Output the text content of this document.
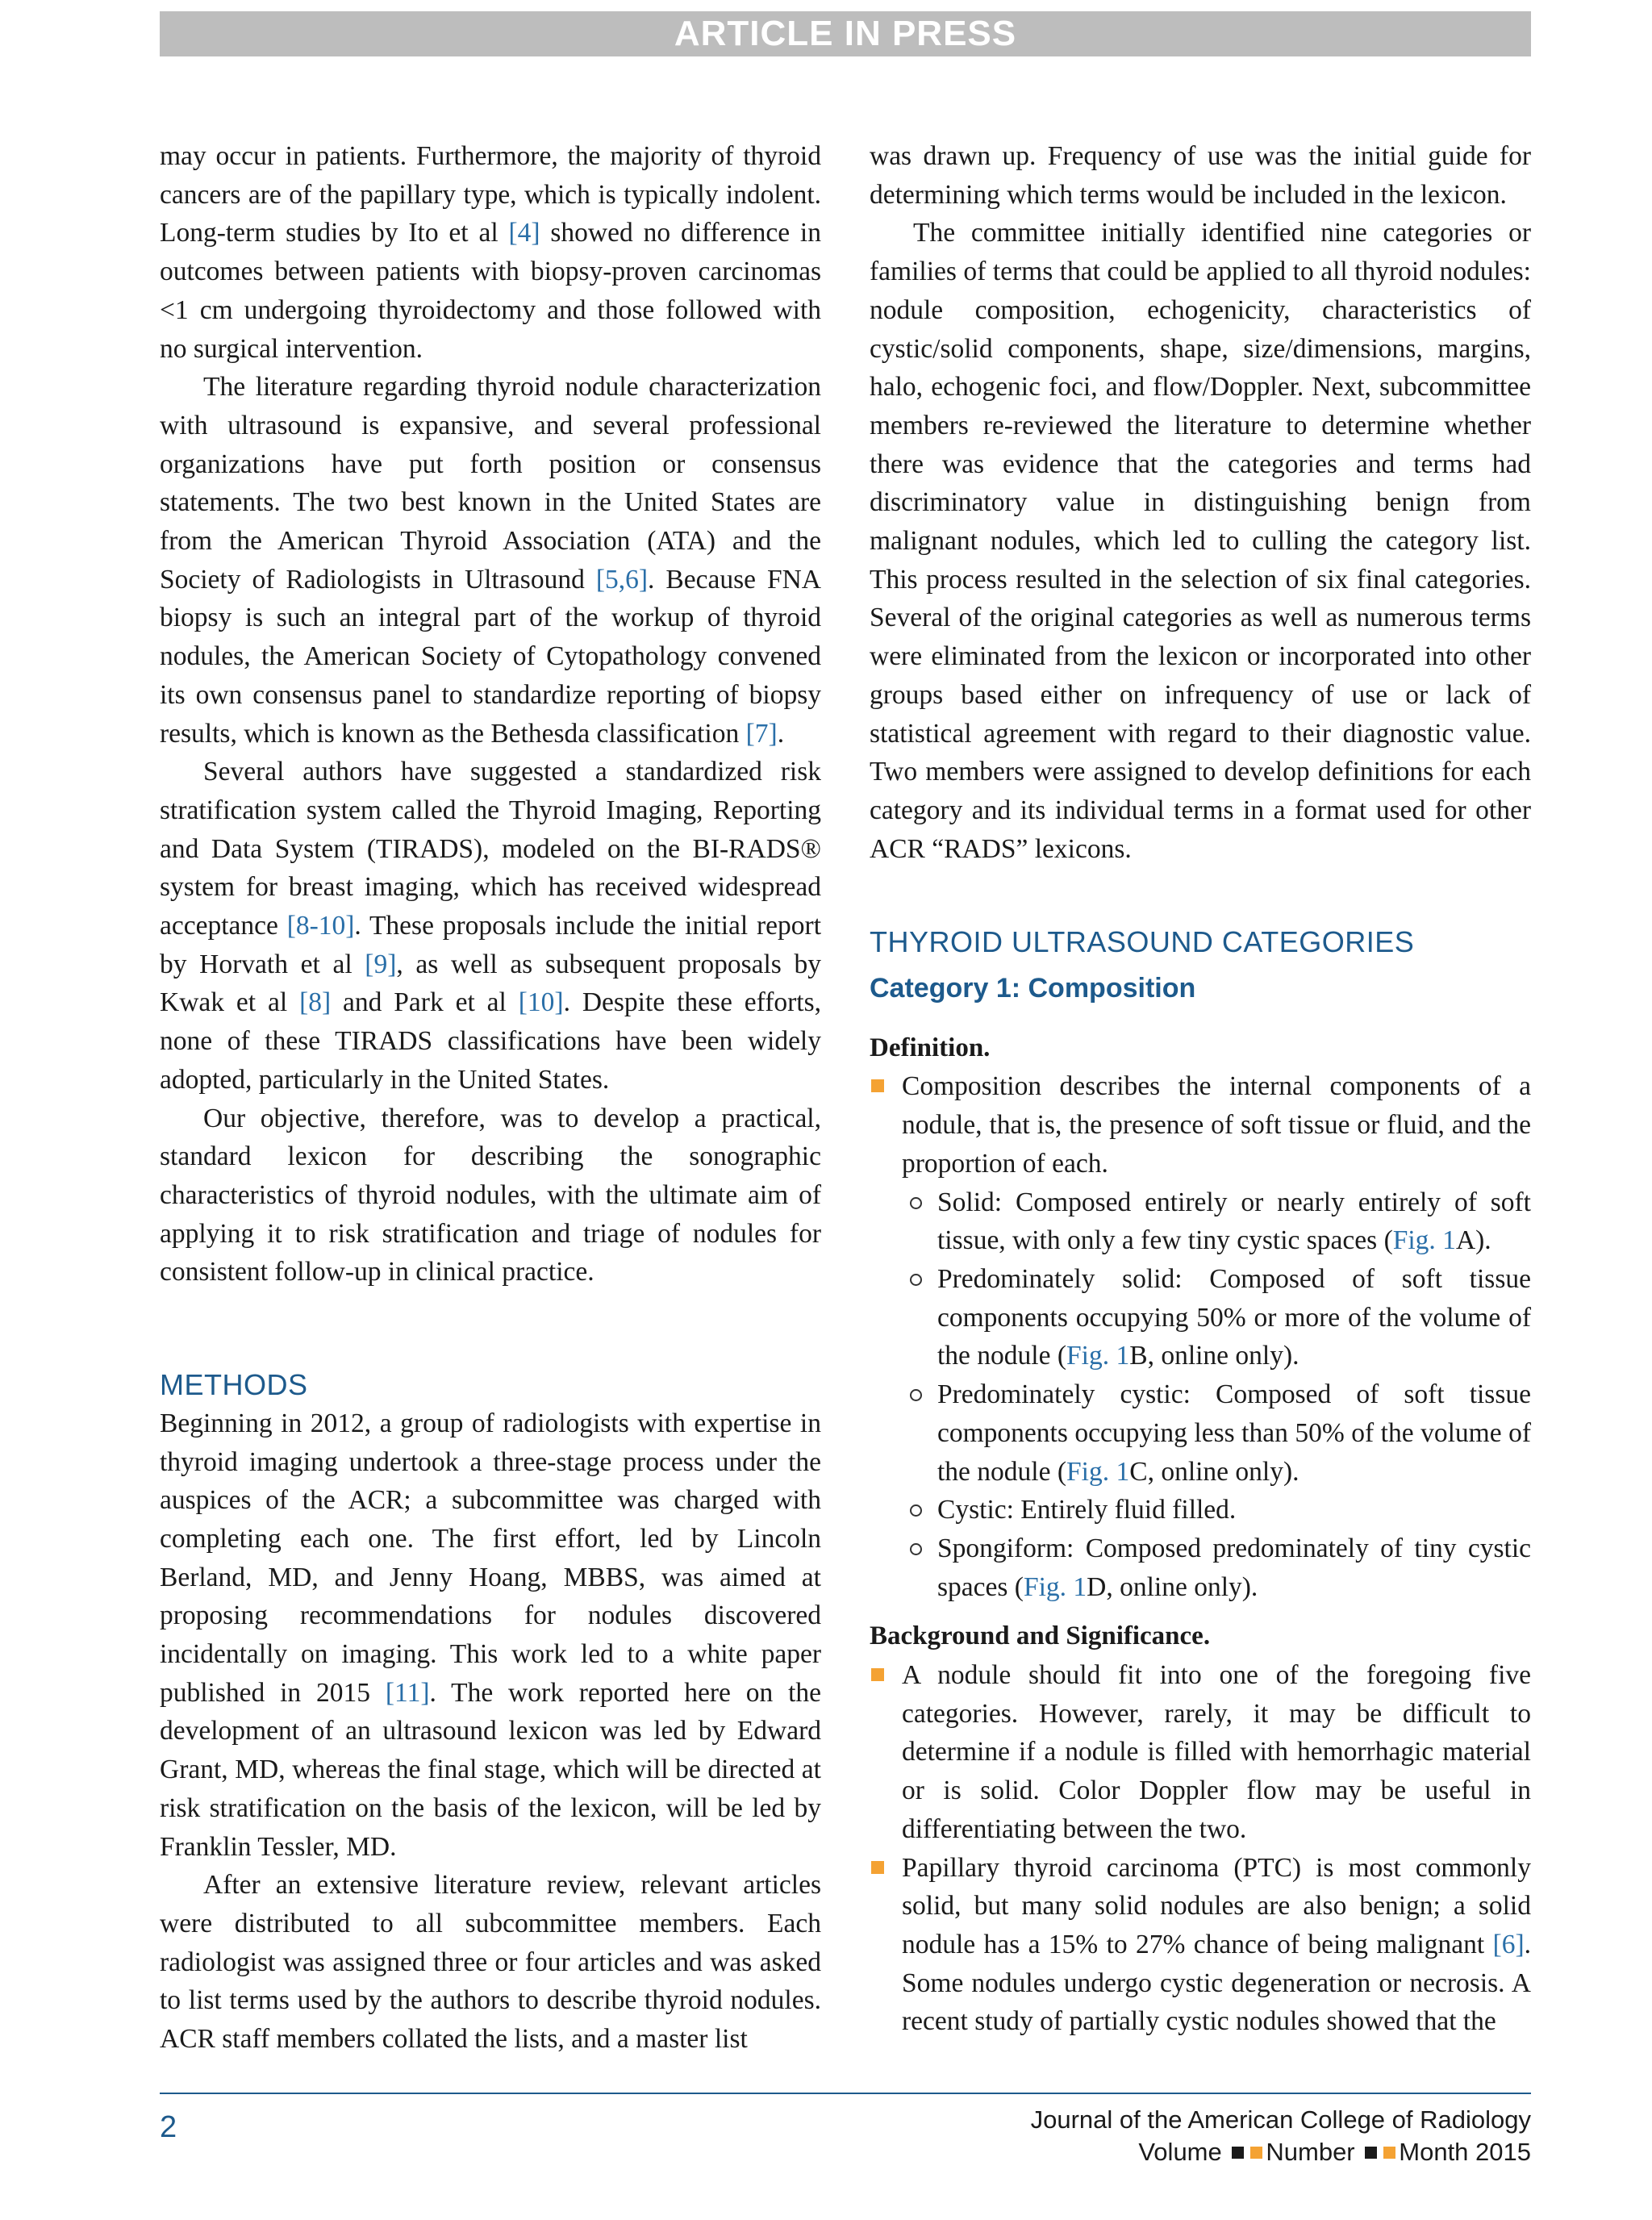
ARTICLE IN PRESS

may occur in patients. Furthermore, the majority of thyroid cancers are of the papillary type, which is typically indolent. Long-term studies by Ito et al [4] showed no difference in outcomes between patients with biopsy-proven carcinomas <1 cm undergoing thyroidectomy and those followed with no surgical intervention.

The literature regarding thyroid nodule characterization with ultrasound is expansive, and several professional organizations have put forth position or consensus statements. The two best known in the United States are from the American Thyroid Association (ATA) and the Society of Radiologists in Ultrasound [5,6]. Because FNA biopsy is such an integral part of the workup of thyroid nodules, the American Society of Cytopathology convened its own consensus panel to standardize reporting of biopsy results, which is known as the Bethesda classification [7].

Several authors have suggested a standardized risk stratification system called the Thyroid Imaging, Reporting and Data System (TIRADS), modeled on the BI-RADS® system for breast imaging, which has received widespread acceptance [8-10]. These proposals include the initial report by Horvath et al [9], as well as subsequent proposals by Kwak et al [8] and Park et al [10]. Despite these efforts, none of these TIRADS classifications have been widely adopted, particularly in the United States.

Our objective, therefore, was to develop a practical, standard lexicon for describing the sonographic characteristics of thyroid nodules, with the ultimate aim of applying it to risk stratification and triage of nodules for consistent follow-up in clinical practice.

METHODS

Beginning in 2012, a group of radiologists with expertise in thyroid imaging undertook a three-stage process under the auspices of the ACR; a subcommittee was charged with completing each one. The first effort, led by Lincoln Berland, MD, and Jenny Hoang, MBBS, was aimed at proposing recommendations for nodules discovered incidentally on imaging. This work led to a white paper published in 2015 [11]. The work reported here on the development of an ultrasound lexicon was led by Edward Grant, MD, whereas the final stage, which will be directed at risk stratification on the basis of the lexicon, will be led by Franklin Tessler, MD.

After an extensive literature review, relevant articles were distributed to all subcommittee members. Each radiologist was assigned three or four articles and was asked to list terms used by the authors to describe thyroid nodules. ACR staff members collated the lists, and a master list

was drawn up. Frequency of use was the initial guide for determining which terms would be included in the lexicon.

The committee initially identified nine categories or families of terms that could be applied to all thyroid nodules: nodule composition, echogenicity, characteristics of cystic/solid components, shape, size/dimensions, margins, halo, echogenic foci, and flow/Doppler. Next, subcommittee members re-reviewed the literature to determine whether there was evidence that the categories and terms had discriminatory value in distinguishing benign from malignant nodules, which led to culling the category list. This process resulted in the selection of six final categories. Several of the original categories as well as numerous terms were eliminated from the lexicon or incorporated into other groups based either on infrequency of use or lack of statistical agreement with regard to their diagnostic value. Two members were assigned to develop definitions for each category and its individual terms in a format used for other ACR “RADS” lexicons.

THYROID ULTRASOUND CATEGORIES
Category 1: Composition

Definition.

Composition describes the internal components of a nodule, that is, the presence of soft tissue or fluid, and the proportion of each.
Solid: Composed entirely or nearly entirely of soft tissue, with only a few tiny cystic spaces (Fig. 1A).
Predominately solid: Composed of soft tissue components occupying 50% or more of the volume of the nodule (Fig. 1B, online only).
Predominately cystic: Composed of soft tissue components occupying less than 50% of the volume of the nodule (Fig. 1C, online only).
Cystic: Entirely fluid filled.
Spongiform: Composed predominately of tiny cystic spaces (Fig. 1D, online only).

Background and Significance.

A nodule should fit into one of the foregoing five categories. However, rarely, it may be difficult to determine if a nodule is filled with hemorrhagic material or is solid. Color Doppler flow may be useful in differentiating between the two.
Papillary thyroid carcinoma (PTC) is most commonly solid, but many solid nodules are also benign; a solid nodule has a 15% to 27% chance of being malignant [6]. Some nodules undergo cystic degeneration or necrosis. A recent study of partially cystic nodules showed that the
2	Journal of the American College of Radiology
Volume Number Month 2015
